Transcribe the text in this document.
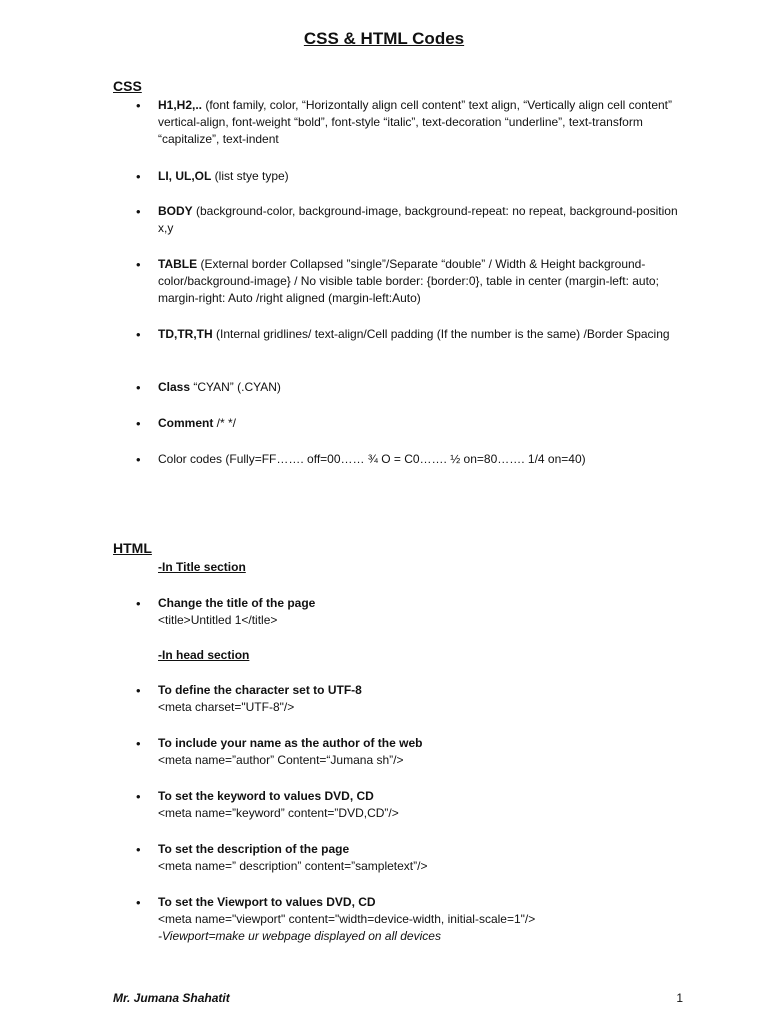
CSS & HTML Codes
CSS
• H1,H2,.. (font family, color, “Horizontally align cell content” text align, “Vertically align cell content” vertical-align, font-weight “bold”, font-style “italic”, text-decoration “underline”, text-transform “capitalize”, text-indent
• LI, UL,OL (list stye type)
• BODY (background-color, background-image, background-repeat: no repeat, background-position x,y
• TABLE (External border Collapsed ”single”/Separate “double” / Width & Height background-color/background-image} / No visible table border: {border:0}, table in center (margin-left: auto; margin-right: Auto /right aligned (margin-left:Auto)
• TD,TR,TH (Internal gridlines/ text-align/Cell padding (If the number is the same) /Border Spacing
• Class “CYAN” (.CYAN)
• Comment /* */
• Color codes (Fully=FF……. off=00…… ¾ O = C0……. ½ on=80……. 1/4 on=40)
HTML
-In Title section
• Change the title of the page
<title>Untitled 1</title>
-In head section
• To define the character set to UTF-8
<meta charset="UTF-8"/>
• To include your name as the author of the web
<meta name=”author” Content=“Jumana sh”/>
• To set the keyword to values DVD, CD
<meta name=”keyword” content=”DVD,CD”/>
• To set the description of the page
<meta name=” description” content=”sampletext”/>
• To set the Viewport to values DVD, CD
<meta name="viewport" content="width=device-width, initial-scale=1"/>
-Viewport=make ur webpage displayed on all devices
Mr. Jumana Shahatit	1
